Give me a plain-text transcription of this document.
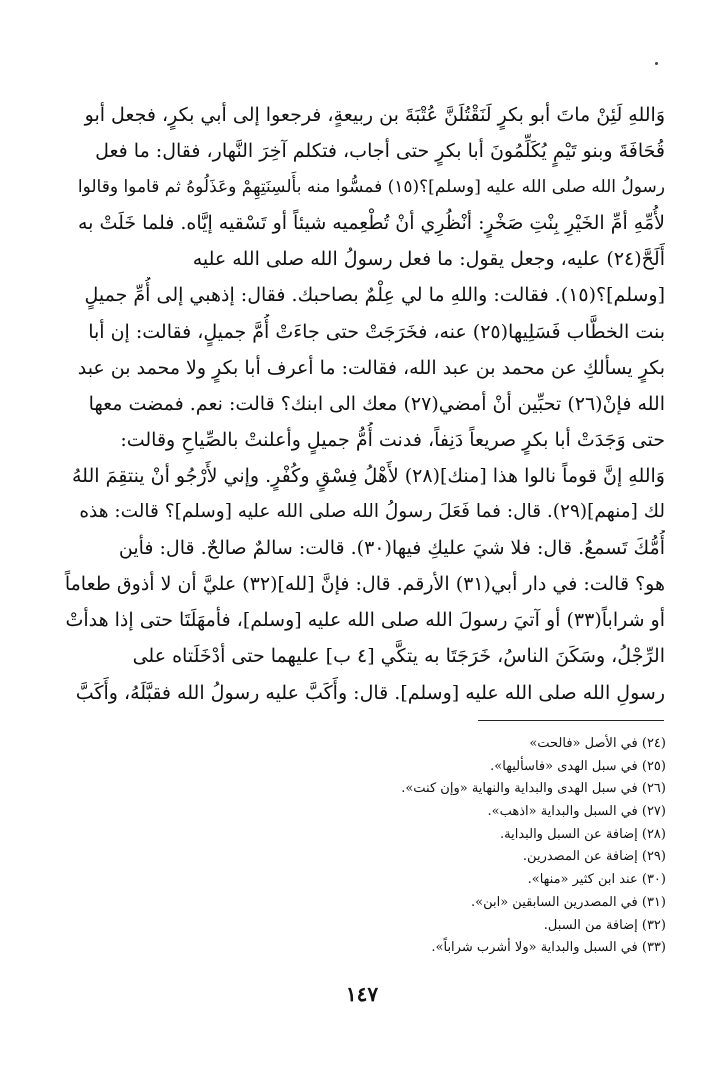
وَاللهِ لَئِنْ ماتَ أبو بكرٍ لَنَقْتُلَنَّ عُتْبَةَ بن ربيعةٍ، فرجعوا إلى أبي بكرٍ، فجعل أبو
قُحَافَةَ وبنو تَيْمٍ يُكَلِّمُونَ أبا بكرٍ حتى أجاب، فتكلم آخِرَ النَّهار، فقال: ما فعل
رسولُ الله صلى الله عليه [وسلم]؟(١٥) فمسُّوا منه بأَلسِنَتِهِمْ وعَذَلُوهُ ثم قاموا وقالوا
لأُمِّهِ أمِّ الخَيْرِ بِنْتِ صَخْرٍ: أنْظُرِي أنْ تُطْعِميه شيئاً أو تَسْقيه إيَّاه. فلما خَلَتْ به
أَلَحَّ(٢٤) عليه، وجعل يقول: ما فعل رسولُ الله صلى الله عليه
[وسلم]؟(١٥). فقالت: واللهِ ما لي عِلْمٌ بصاحبك. فقال: إذهبي إلى أُمِّ جميلٍ
بنت الخطَّاب فَسَلِيها(٢٥) عنه، فخَرَجَتْ حتى جاءَتْ أُمَّ جميلٍ، فقالت: إن أبا
بكرٍ يسألكِ عن محمد بن عبد الله، فقالت: ما أعرف أبا بكرٍ ولا محمد بن عبد
الله فإنْ(٢٦) تحبِّين أنْ أمضي(٢٧) معك الى ابنك؟ قالت: نعم. فمضت معها
حتى وَجَدَتْ أبا بكرٍ صريعاً دَنِفاً، فدنت أُمُّ جميلٍ وأعلنتْ بالصِّياحِ وقالت:
وَاللهِ إنَّ قوماً نالوا هذا [منك](٢٨) لأَهْلُ فِسْقٍ وكُفْرٍ. وإني لأَرْجُو أنْ ينتقِمَ اللهُ
لك [منهم](٢٩). قال: فما فَعَلَ رسولُ الله صلى الله عليه [وسلم]؟ قالت: هذه
أُمُّكَ تَسمعُ. قال: فلا شيَ عليكِ فيها(٣٠). قالت: سالمٌ صالحٌ. قال: فأين
هو؟ قالت: في دار أبي(٣١) الأرقم. قال: فإنَّ [لله](٣٢) عليَّ أن لا أذوق طعاماً
أو شراباً(٣٣) أو آتيَ رسولَ الله صلى الله عليه [وسلم]، فأمهَلَتَا حتى إذا هدأتْ
الرِّجْلُ، وسَكَنَ الناسُ، خَرَجَتَا به يتكَّي [٤ ب] عليهما حتى أدْخَلَتاه على
رسولِ الله صلى الله عليه [وسلم]. قال: وأَكَبَّ عليه رسولُ الله فقبَّلَهُ، وأَكَبَّ
(٢٤) في الأصل «فالحت»
(٢٥) في سبل الهدى «فاسأليها».
(٢٦) في سبل الهدى والبداية والنهاية «وإن كنت».
(٢٧) في السبل والبداية «اذهب».
(٢٨) إضافة عن السبل والبداية.
(٢٩) إضافة عن المصدرين.
(٣٠) عند ابن كثير «منها».
(٣١) في المصدرين السابقين «ابن».
(٣٢) إضافة من السبل.
(٣٣) في السبل والبداية «ولا أشرب شراباً».
١٤٧
